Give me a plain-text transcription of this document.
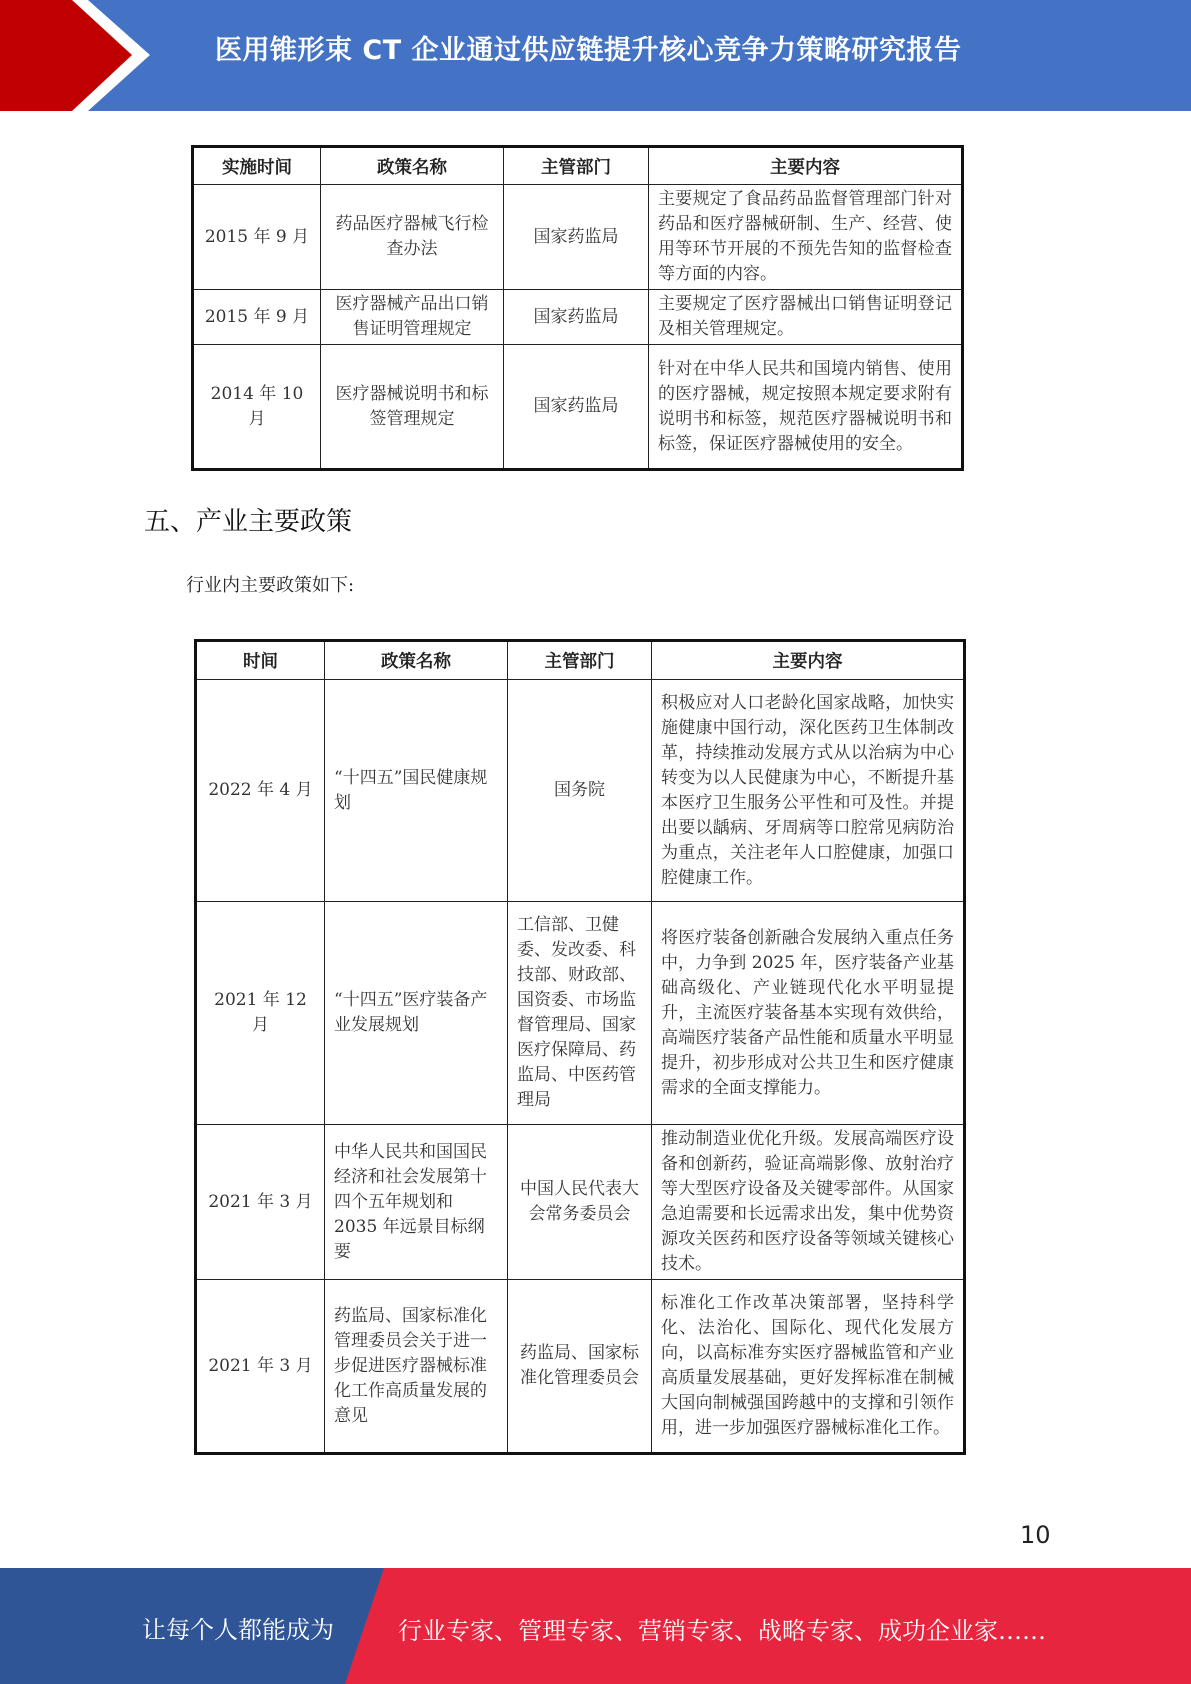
医用锥形束 CT 企业通过供应链提升核心竞争力策略研究报告
实施时间	政策名称	主管部门	主要内容
2015 年 9 月	药品医疗器械飞行检查办法	国家药监局	主要规定了食品药品监督管理部门针对药品和医疗器械研制、生产、经营、使用等环节开展的不预先告知的监督检查等方面的内容。
2015 年 9 月	医疗器械产品出口销售证明管理规定	国家药监局	主要规定了医疗器械出口销售证明登记及相关管理规定。
2014 年 10 月	医疗器械说明书和标签管理规定	国家药监局	针对在中华人民共和国境内销售、使用的医疗器械，规定按照本规定要求附有说明书和标签，规范医疗器械说明书和标签，保证医疗器械使用的安全。
五、产业主要政策
行业内主要政策如下:
时间	政策名称	主管部门	主要内容
2022 年 4 月	“十四五”国民健康规划	国务院	积极应对人口老龄化国家战略，加快实施健康中国行动，深化医药卫生体制改革，持续推动发展方式从以治病为中心转变为以人民健康为中心，不断提升基本医疗卫生服务公平性和可及性。并提出要以龋病、牙周病等口腔常见病防治为重点，关注老年人口腔健康，加强口腔健康工作。
2021 年 12 月	“十四五”医疗装备产业发展规划	工信部、卫健委、发改委、科技部、财政部、国资委、市场监督管理局、国家医疗保障局、药监局、中医药管理局	将医疗装备创新融合发展纳入重点任务中，力争到 2025 年，医疗装备产业基础高级化、产业链现代化水平明显提升，主流医疗装备基本实现有效供给，高端医疗装备产品性能和质量水平明显提升，初步形成对公共卫生和医疗健康需求的全面支撑能力。
2021 年 3 月	中华人民共和国国民经济和社会发展第十四个五年规划和 2035 年远景目标纲要	中国人民代表大会常务委员会	推动制造业优化升级。发展高端医疗设备和创新药，验证高端影像、放射治疗等大型医疗设备及关键零部件。从国家急迫需要和长远需求出发，集中优势资源攻关医药和医疗设备等领域关键核心技术。
2021 年 3 月	药监局、国家标准化管理委员会关于进一步促进医疗器械标准化工作高质量发展的意见	药监局、国家标准化管理委员会	标准化工作改革决策部署，坚持科学化、法治化、国际化、现代化发展方向，以高标准夯实医疗器械监管和产业高质量发展基础，更好发挥标准在制械大国向制械强国跨越中的支撑和引领作用，进一步加强医疗器械标准化工作。
10
让每个人都能成为	行业专家、管理专家、营销专家、战略专家、成功企业家……
